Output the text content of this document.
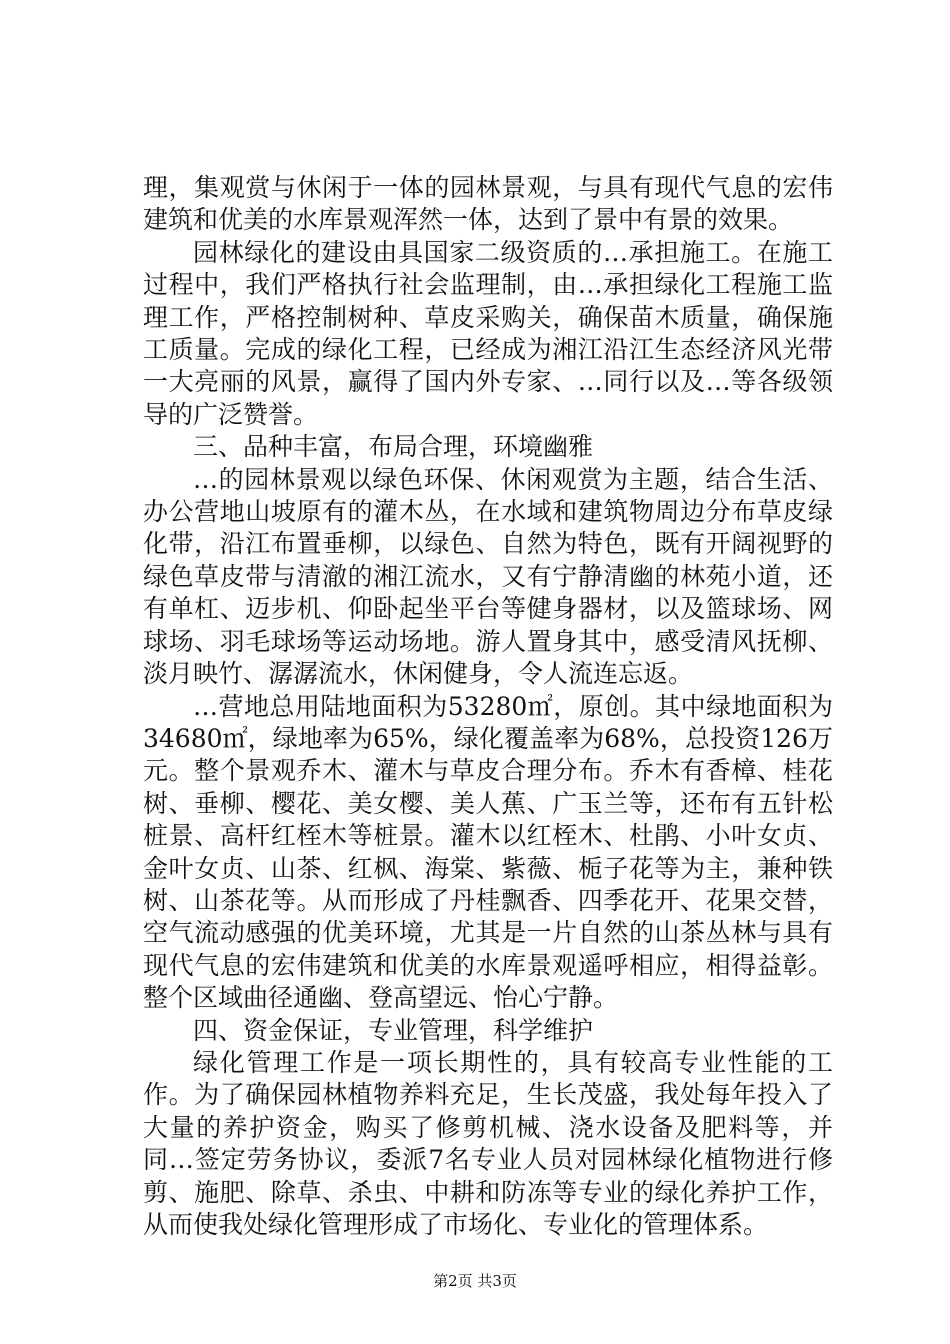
理，集观赏与休闲于一体的园林景观，与具有现代气息的宏伟建筑和优美的水库景观浑然一体，达到了景中有景的效果。

园林绿化的建设由具国家二级资质的…承担施工。在施工过程中，我们严格执行社会监理制，由…承担绿化工程施工监理工作，严格控制树种、草皮采购关，确保苗木质量，确保施工质量。完成的绿化工程，已经成为湘江沿江生态经济风光带一大亮丽的风景，赢得了国内外专家、…同行以及…等各级领导的广泛赞誉。

三、品种丰富，布局合理，环境幽雅

…的园林景观以绿色环保、休闲观赏为主题，结合生活、办公营地山坡原有的灌木丛，在水域和建筑物周边分布草皮绿化带，沿江布置垂柳，以绿色、自然为特色，既有开阔视野的绿色草皮带与清澈的湘江流水，又有宁静清幽的林苑小道，还有单杠、迈步机、仰卧起坐平台等健身器材，以及篮球场、网球场、羽毛球场等运动场地。游人置身其中，感受清风抚柳、淡月映竹、潺潺流水，休闲健身，令人流连忘返。

…营地总用陆地面积为53280㎡，原创。其中绿地面积为34680㎡，绿地率为65%，绿化覆盖率为68%，总投资126万元。整个景观乔木、灌木与草皮合理分布。乔木有香樟、桂花树、垂柳、樱花、美女樱、美人蕉、广玉兰等，还布有五针松桩景、高杆红桎木等桩景。灌木以红桎木、杜鹃、小叶女贞、金叶女贞、山茶、红枫、海棠、紫薇、栀子花等为主，兼种铁树、山茶花等。从而形成了丹桂飘香、四季花开、花果交替，空气流动感强的优美环境，尤其是一片自然的山茶丛林与具有现代气息的宏伟建筑和优美的水库景观遥呼相应，相得益彰。整个区域曲径通幽、登高望远、怡心宁静。

四、资金保证，专业管理，科学维护

绿化管理工作是一项长期性的，具有较高专业性能的工作。为了确保园林植物养料充足，生长茂盛，我处每年投入了大量的养护资金，购买了修剪机械、浇水设备及肥料等，并同…签定劳务协议，委派7名专业人员对园林绿化植物进行修剪、施肥、除草、杀虫、中耕和防冻等专业的绿化养护工作，从而使我处绿化管理形成了市场化、专业化的管理体系。

第2页 共3页
